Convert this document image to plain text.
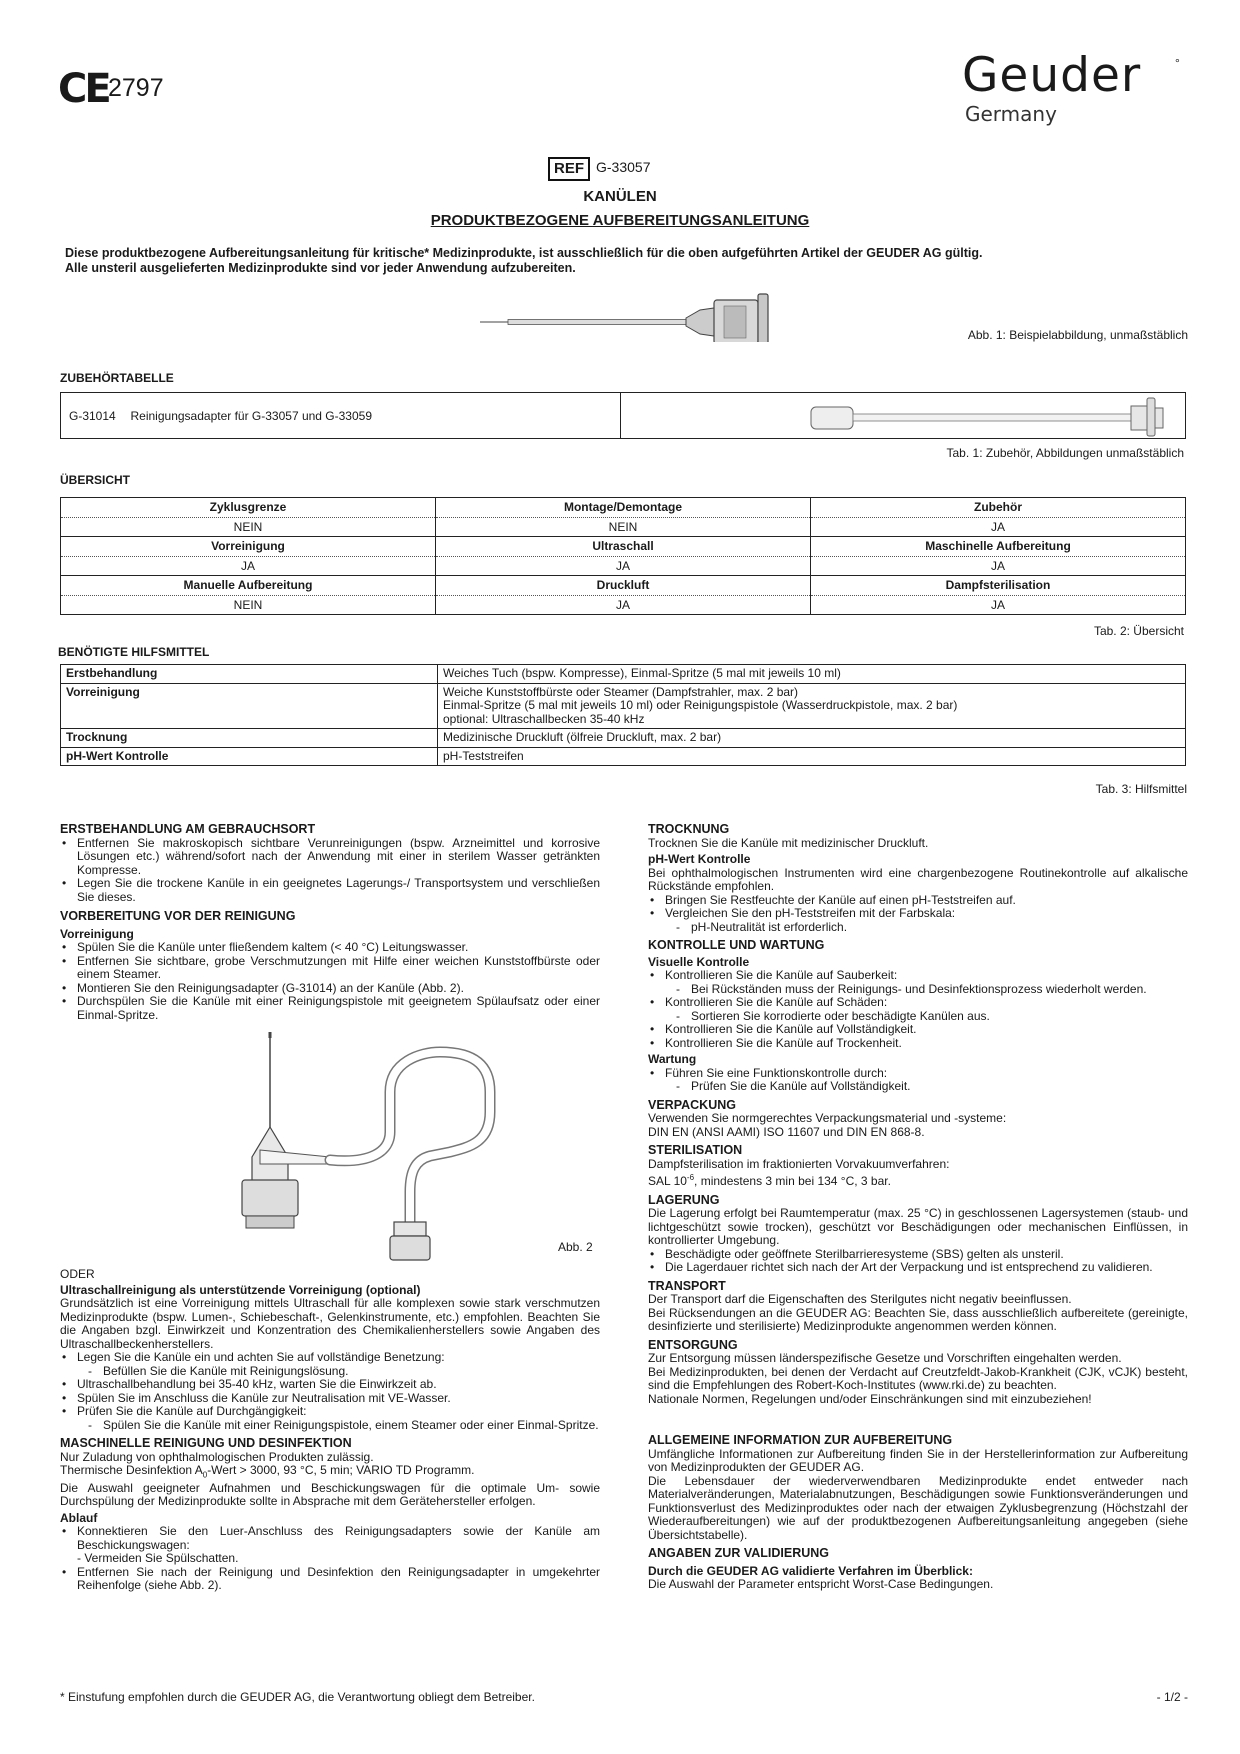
CE 2797	Geuder	°
Germany
REF G-33057
KANÜLEN
PRODUKTBEZOGENE AUFBEREITUNGSANLEITUNG
Diese produktbezogene Aufbereitungsanleitung für kritische* Medizinprodukte, ist ausschließlich für die oben aufgeführten Artikel der GEUDER AG gültig.
Alle unsteril ausgelieferten Medizinprodukte sind vor jeder Anwendung aufzubereiten.
Abb. 1: Beispielabbildung, unmaßstäblich
ZUBEHÖRTABELLE
G-31014	Reinigungsadapter für G-33057 und G-33059	
Tab. 1: Zubehör, Abbildungen unmaßstäblich
ÜBERSICHT
Zyklusgrenze	Montage/Demontage	Zubehör
NEIN	NEIN	JA
Vorreinigung	Ultraschall	Maschinelle Aufbereitung
JA	JA	JA
Manuelle Aufbereitung	Druckluft	Dampfsterilisation
NEIN	JA	JA
Tab. 2: Übersicht
BENÖTIGTE HILFSMITTEL
Erstbehandlung	Weiches Tuch (bspw. Kompresse), Einmal-Spritze (5 mal mit jeweils 10 ml)
Vorreinigung	Weiche Kunststoffbürste oder Steamer (Dampfstrahler, max. 2 bar)
Einmal-Spritze (5 mal mit jeweils 10 ml) oder Reinigungspistole (Wasserdruckpistole, max. 2 bar)
optional: Ultraschallbecken 35-40 kHz

Trocknung	Medizinische Druckluft (ölfreie Druckluft, max. 2 bar)
pH-Wert Kontrolle	pH-Teststreifen
Tab. 3: Hilfsmittel
ERSTBEHANDLUNG AM GEBRAUCHSORT
• Entfernen Sie makroskopisch sichtbare Verunreinigungen (bspw. Arzneimittel und korrosive Lösungen etc.) während/sofort nach der Anwendung mit einer in sterilem Wasser getränkten Kompresse.
• Legen Sie die trockene Kanüle in ein geeignetes Lagerungs-/ Transportsystem und verschließen Sie dieses.
VORBEREITUNG VOR DER REINIGUNG
Vorreinigung
• Spülen Sie die Kanüle unter fließendem kaltem (< 40 °C) Leitungswasser.
• Entfernen Sie sichtbare, grobe Verschmutzungen mit Hilfe einer weichen Kunststoffbürste oder einem Steamer.
• Montieren Sie den Reinigungsadapter (G-31014) an der Kanüle (Abb. 2).
• Durchspülen Sie die Kanüle mit einer Reinigungspistole mit geeignetem Spülaufsatz oder einer Einmal-Spritze.
Abb. 2

ODER

Ultraschallreinigung als unterstützende Vorreinigung (optional)

Grundsätzlich ist eine Vorreinigung mittels Ultraschall für alle komplexen sowie stark verschmutzen Medizinprodukte (bspw. Lumen-, Schiebeschaft-, Gelenkinstrumente, etc.) empfohlen. Beachten Sie die Angaben bzgl. Einwirkzeit und Konzentration des Chemikalienherstellers sowie Angaben des Ultraschallbeckenherstellers.

• Legen Sie die Kanüle ein und achten Sie auf vollständige Benetzung:
- Befüllen Sie die Kanüle mit Reinigungslösung.
• Ultraschallbehandlung bei 35-40 kHz, warten Sie die Einwirkzeit ab.
• Spülen Sie im Anschluss die Kanüle zur Neutralisation mit VE-Wasser.
• Prüfen Sie die Kanüle auf Durchgängigkeit:
- Spülen Sie die Kanüle mit einer Reinigungspistole, einem Steamer oder einer Einmal-Spritze.
MASCHINELLE REINIGUNG UND DESINFEKTION

Nur Zuladung von ophthalmologischen Produkten zulässig.

Thermische Desinfektion $A_0$-Wert > 3000, 93 °C, 5 min; VARIO TD Programm.

Die Auswahl geeigneter Aufnahmen und Beschickungswagen für die optimale Um- sowie Durchspülung der Medizinprodukte sollte in Absprache mit dem Gerätehersteller erfolgen.

Ablauf
• Konnektieren Sie den Luer-Anschluss des Reinigungsadapters sowie der Kanüle am Beschickungswagen:
- Vermeiden Sie Spülschatten.
• Entfernen Sie nach der Reinigung und Desinfektion den Reinigungsadapter in umgekehrter Reihenfolge (siehe Abb. 2).
TROCKNUNG

Trocknen Sie die Kanüle mit medizinischer Druckluft.

pH-Wert Kontrolle

Bei ophthalmologischen Instrumenten wird eine chargenbezogene Routinekontrolle auf alkalische Rückstände empfohlen.

• Bringen Sie Restfeuchte der Kanüle auf einen pH-Teststreifen auf.
• Vergleichen Sie den pH-Teststreifen mit der Farbskala:
- pH-Neutralität ist erforderlich.
KONTROLLE UND WARTUNG
Visuelle Kontrolle
• Kontrollieren Sie die Kanüle auf Sauberkeit:
- Bei Rückständen muss der Reinigungs- und Desinfektionsprozess wiederholt werden.
• Kontrollieren Sie die Kanüle auf Schäden:
- Sortieren Sie korrodierte oder beschädigte Kanülen aus.
• Kontrollieren Sie die Kanüle auf Vollständigkeit.
• Kontrollieren Sie die Kanüle auf Trockenheit.
Wartung
• Führen Sie eine Funktionskontrolle durch:
- Prüfen Sie die Kanüle auf Vollständigkeit.
VERPACKUNG

Verwenden Sie normgerechtes Verpackungsmaterial und -systeme:

DIN EN (ANSI AAMI) ISO 11607 und DIN EN 868-8.

STERILISATION

Dampfsterilisation im fraktionierten Vorvakuumverfahren:

SAL $10^{-6}$, mindestens 3 min bei 134 °C, 3 bar.

LAGERUNG

Die Lagerung erfolgt bei Raumtemperatur (max. 25 °C) in geschlossenen Lagersystemen (staub- und lichtgeschützt sowie trocken), geschützt vor Beschädigungen oder mechanischen Einflüssen, in kontrollierter Umgebung.

• Beschädigte oder geöffnete Sterilbarrieresysteme (SBS) gelten als unsteril.
• Die Lagerdauer richtet sich nach der Art der Verpackung und ist entsprechend zu validieren.
TRANSPORT

Der Transport darf die Eigenschaften des Sterilgutes nicht negativ beeinflussen.

Bei Rücksendungen an die GEUDER AG: Beachten Sie, dass ausschließlich aufbereitete (gereinigte, desinfizierte und sterilisierte) Medizinprodukte angenommen werden können.

ENTSORGUNG

Zur Entsorgung müssen länderspezifische Gesetze und Vorschriften eingehalten werden.

Bei Medizinprodukten, bei denen der Verdacht auf Creutzfeldt-Jakob-Krankheit (CJK, vCJK) besteht, sind die Empfehlungen des Robert-Koch-Institutes (www.rki.de) zu beachten.

Nationale Normen, Regelungen und/oder Einschränkungen sind mit einzubeziehen!

ALLGEMEINE INFORMATION ZUR AUFBEREITUNG

Umfängliche Informationen zur Aufbereitung finden Sie in der Herstellerinformation zur Aufbereitung von Medizinprodukten der GEUDER AG.

Die Lebensdauer der wiederverwendbaren Medizinprodukte endet entweder nach Materialveränderungen, Materialabnutzungen, Beschädigungen sowie Funktionsveränderungen und Funktionsverlust des Medizinproduktes oder nach der etwaigen Zyklusbegrenzung (Höchstzahl der Wiederaufbereitungen) wie auf der produktbezogenen Aufbereitungsanleitung angegeben (siehe Übersichtstabelle).

ANGABEN ZUR VALIDIERUNG
Durch die GEUDER AG validierte Verfahren im Überblick:

Die Auswahl der Parameter entspricht Worst-Case Bedingungen.

* Einstufung empfohlen durch die GEUDER AG, die Verantwortung obliegt dem Betreiber.	- 1/2 -
